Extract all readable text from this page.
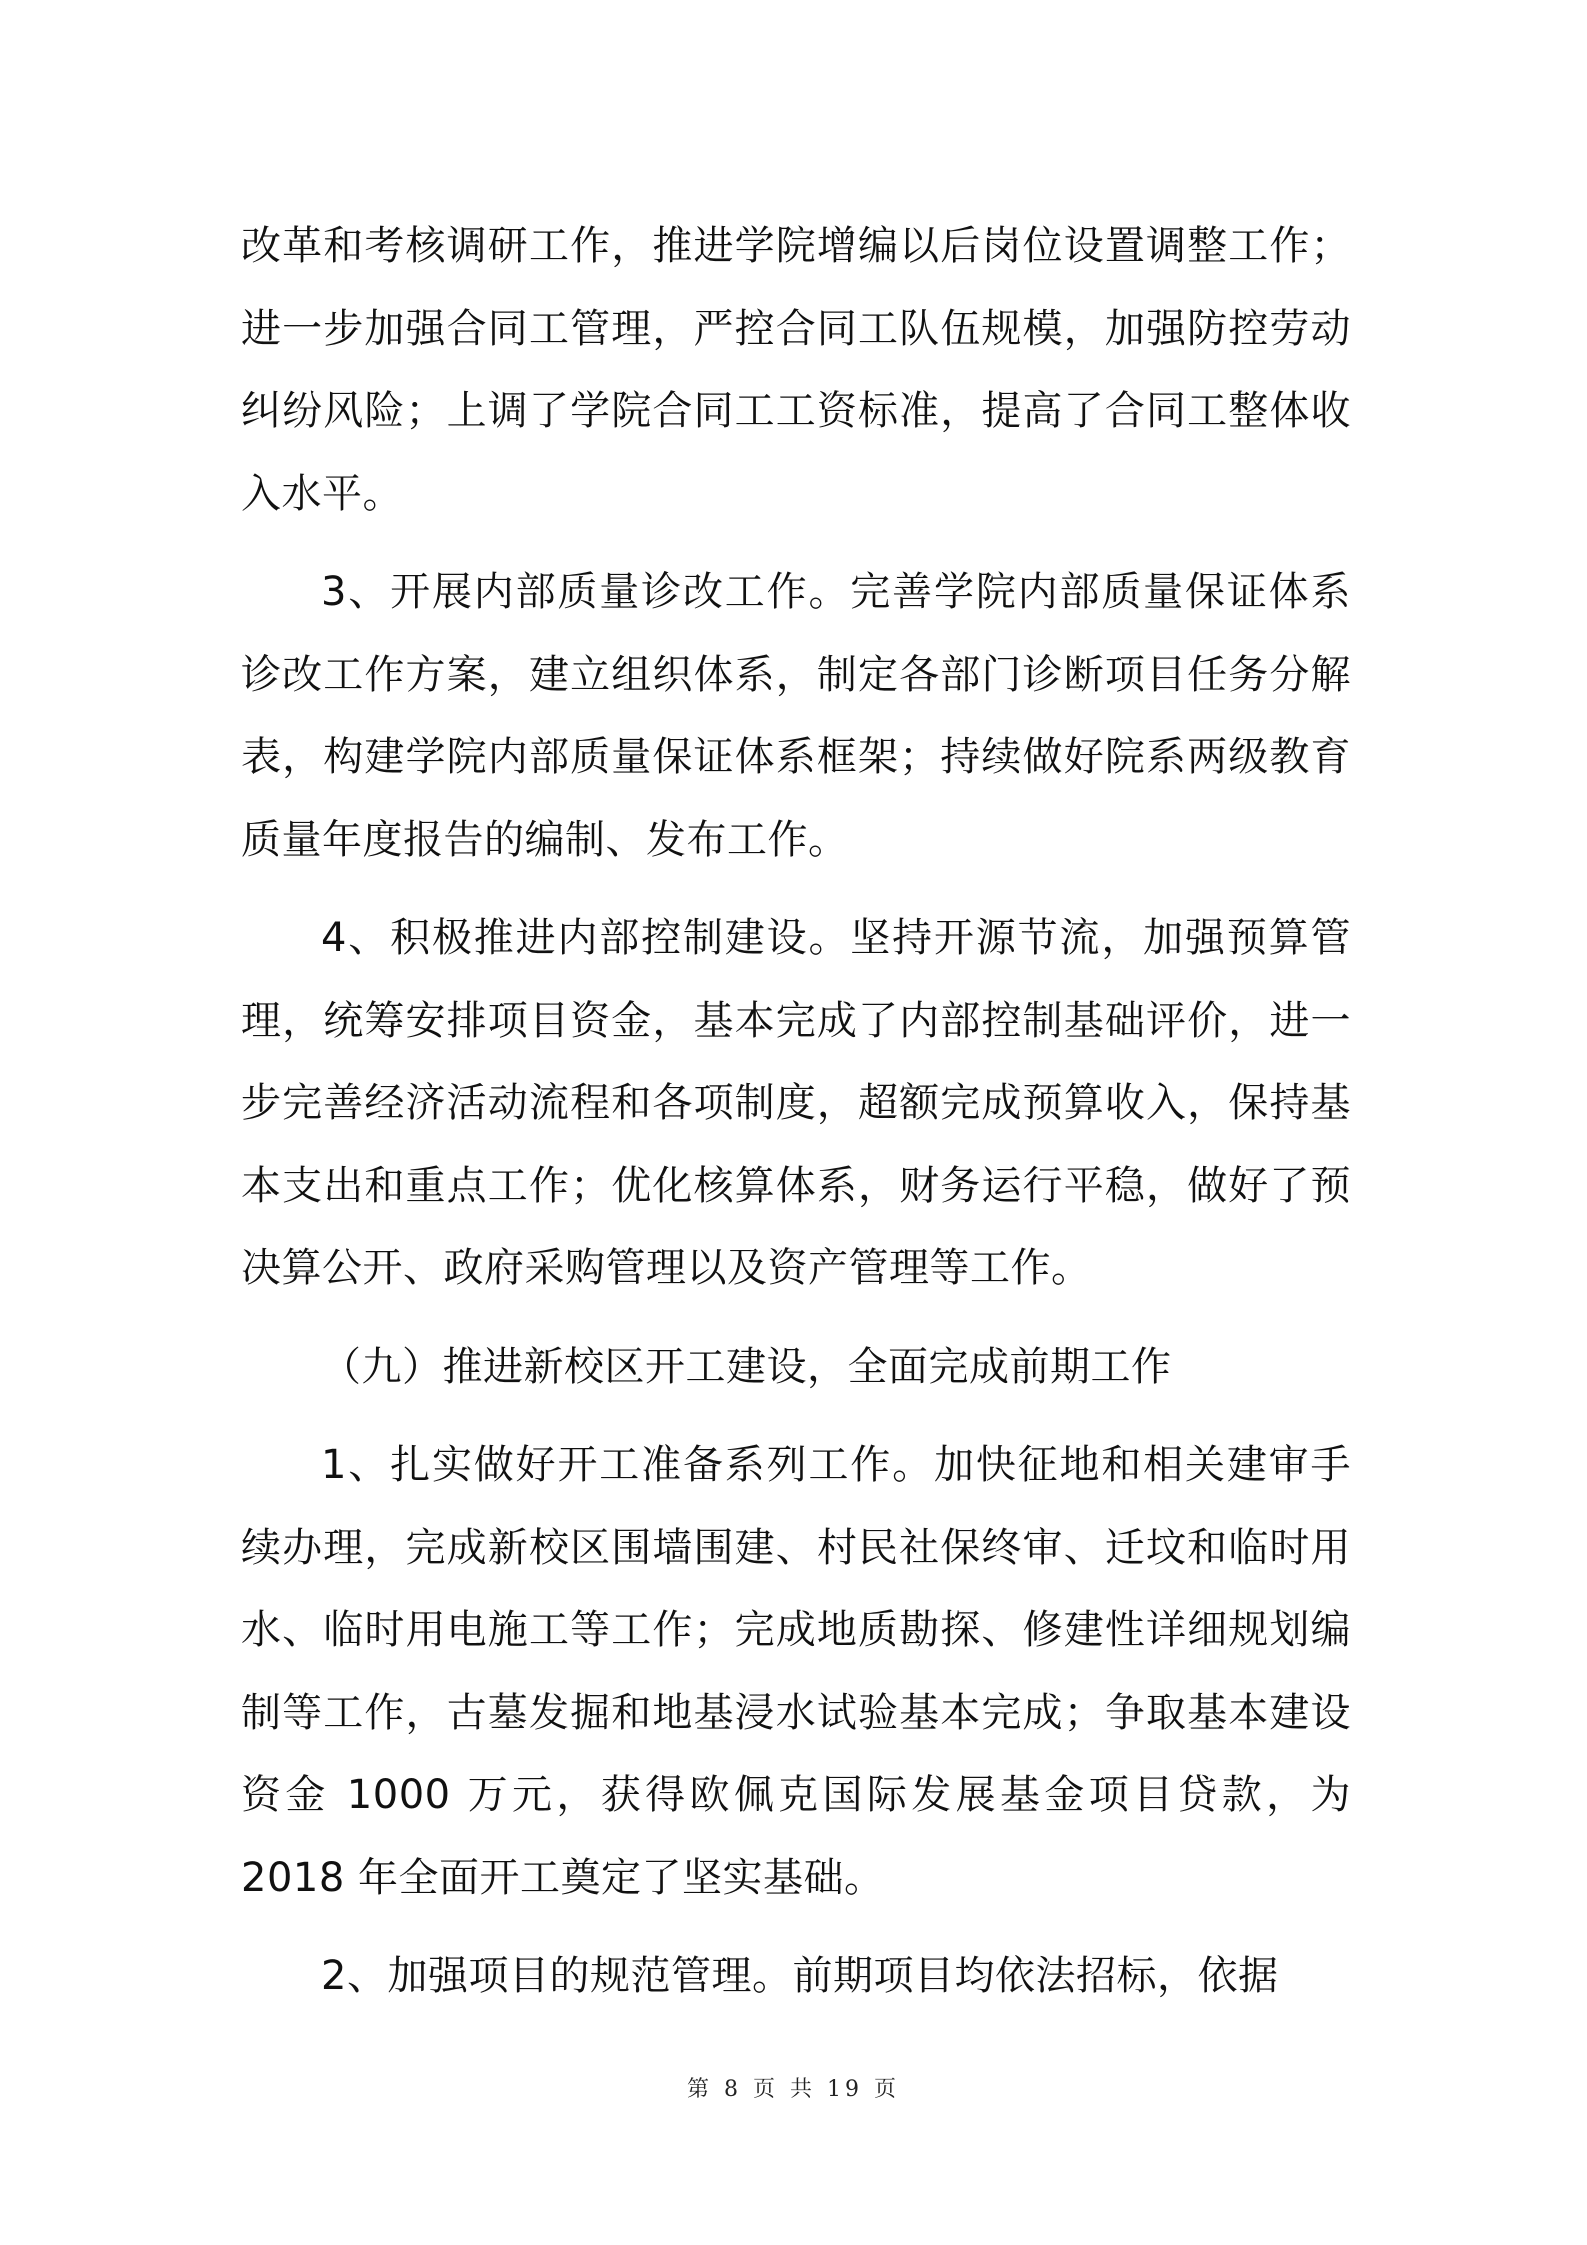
改革和考核调研工作，推进学院增编以后岗位设置调整工作；进一步加强合同工管理，严控合同工队伍规模，加强防控劳动纠纷风险；上调了学院合同工工资标准，提高了合同工整体收入水平。

3、开展内部质量诊改工作。完善学院内部质量保证体系诊改工作方案，建立组织体系，制定各部门诊断项目任务分解表，构建学院内部质量保证体系框架；持续做好院系两级教育质量年度报告的编制、发布工作。

4、积极推进内部控制建设。坚持开源节流，加强预算管理，统筹安排项目资金，基本完成了内部控制基础评价，进一步完善经济活动流程和各项制度，超额完成预算收入，保持基本支出和重点工作；优化核算体系，财务运行平稳，做好了预决算公开、政府采购管理以及资产管理等工作。

（九）推进新校区开工建设，全面完成前期工作

1、扎实做好开工准备系列工作。加快征地和相关建审手续办理，完成新校区围墙围建、村民社保终审、迁坟和临时用水、临时用电施工等工作；完成地质勘探、修建性详细规划编制等工作，古墓发掘和地基浸水试验基本完成；争取基本建设资金 1000 万元，获得欧佩克国际发展基金项目贷款，为 2018 年全面开工奠定了坚实基础。

2、加强项目的规范管理。前期项目均依法招标，依据

第 8 页 共 19 页
